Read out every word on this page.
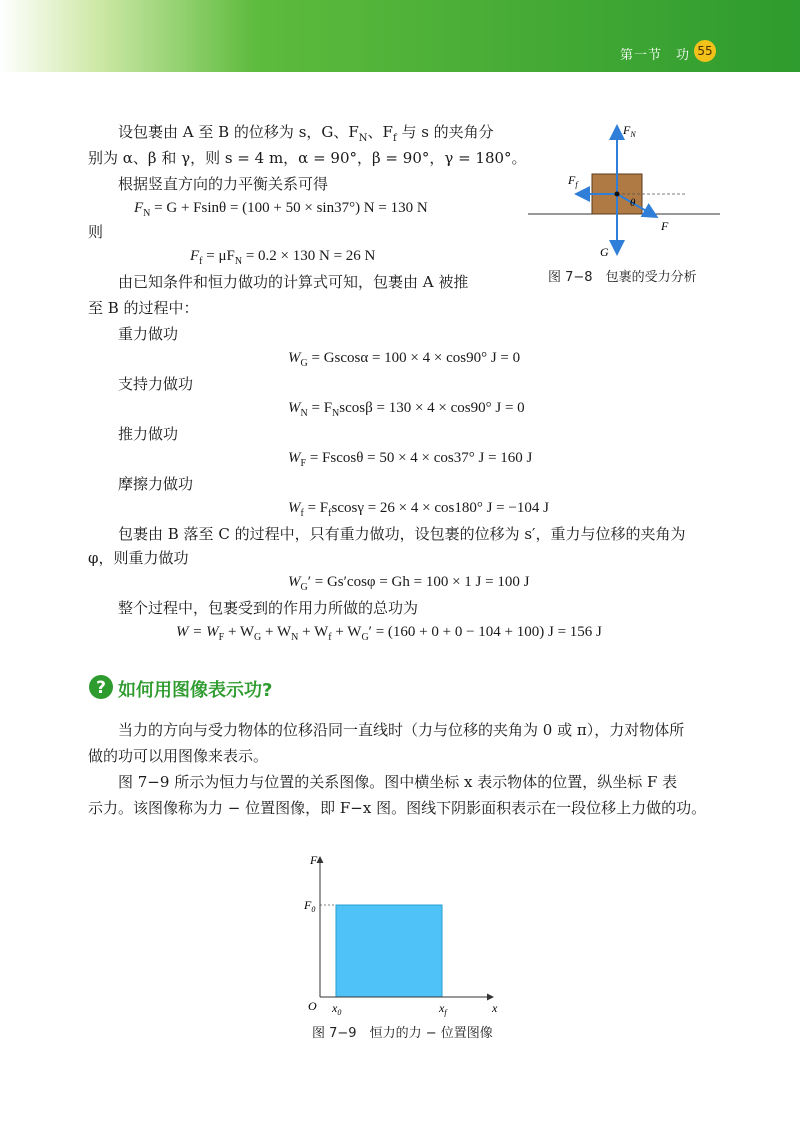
第一节　功 55
设包裹由 A 至 B 的位移为 s，G、$F_N$、$F_f$ 与 s 的夹角分
别为 α、β 和 γ，则 s = 4 m，α = 90°，β = 90°，γ = 180°。
根据竖直方向的力平衡关系可得
$F_N = G + Fsin\theta = (100 + 50 \times \sin 37^\circ) N = 130$ N
则
$F_f = \mu F_N = 0.2 \times 130$ N = 26 N
由已知条件和恒力做功的计算式可知，包裹由 A 被推
至 B 的过程中：
重力做功
$W_G = Gscos\alpha = 100 \times 4 \times \cos 90^\circ$ J = 0
支持力做功
$W_N = F_Nscos\beta = 130 \times 4 \times \cos 90^\circ$ J = 0
推力做功
$W_F = Fscos\theta = 50 \times 4 \times \cos 37^\circ$ J = 160 J
摩擦力做功
$W_f = F_fscos\gamma = 26 \times 4 \times \cos 180^\circ$ J = −104 J
包裹由 B 落至 C 的过程中，只有重力做功，设包裹的位移为 s′，重力与位移的夹角为
φ，则重力做功
$W_G' = Gs'\cos\varphi = Gh = 100 \times 1$ J = 100 J
整个过程中，包裹受到的作用力所做的总功为
$W = W_F + W_G + W_N + W_f + W_G' = (160 + 0 + 0 - 104 + 100) J = 156$ J
? 如何用图像表示功?
当力的方向与受力物体的位移沿同一直线时（力与位移的夹角为 0 或 π），力对物体所
做的功可以用图像来表示。
图 7−9 所示为恒力与位置的关系图像。图中横坐标 x 表示物体的位置，纵坐标 F 表
示力。该图像称为力 − 位置图像，即 F−x 图。图线下阴影面积表示在一段位移上力做的功。
$F_N$
$F_f$
F
G
θ
图 7−8　包裹的受力分析
F
x
O
$F_0$
$x_0$	$x_f$
图 7−9　恒力的力 − 位置图像
